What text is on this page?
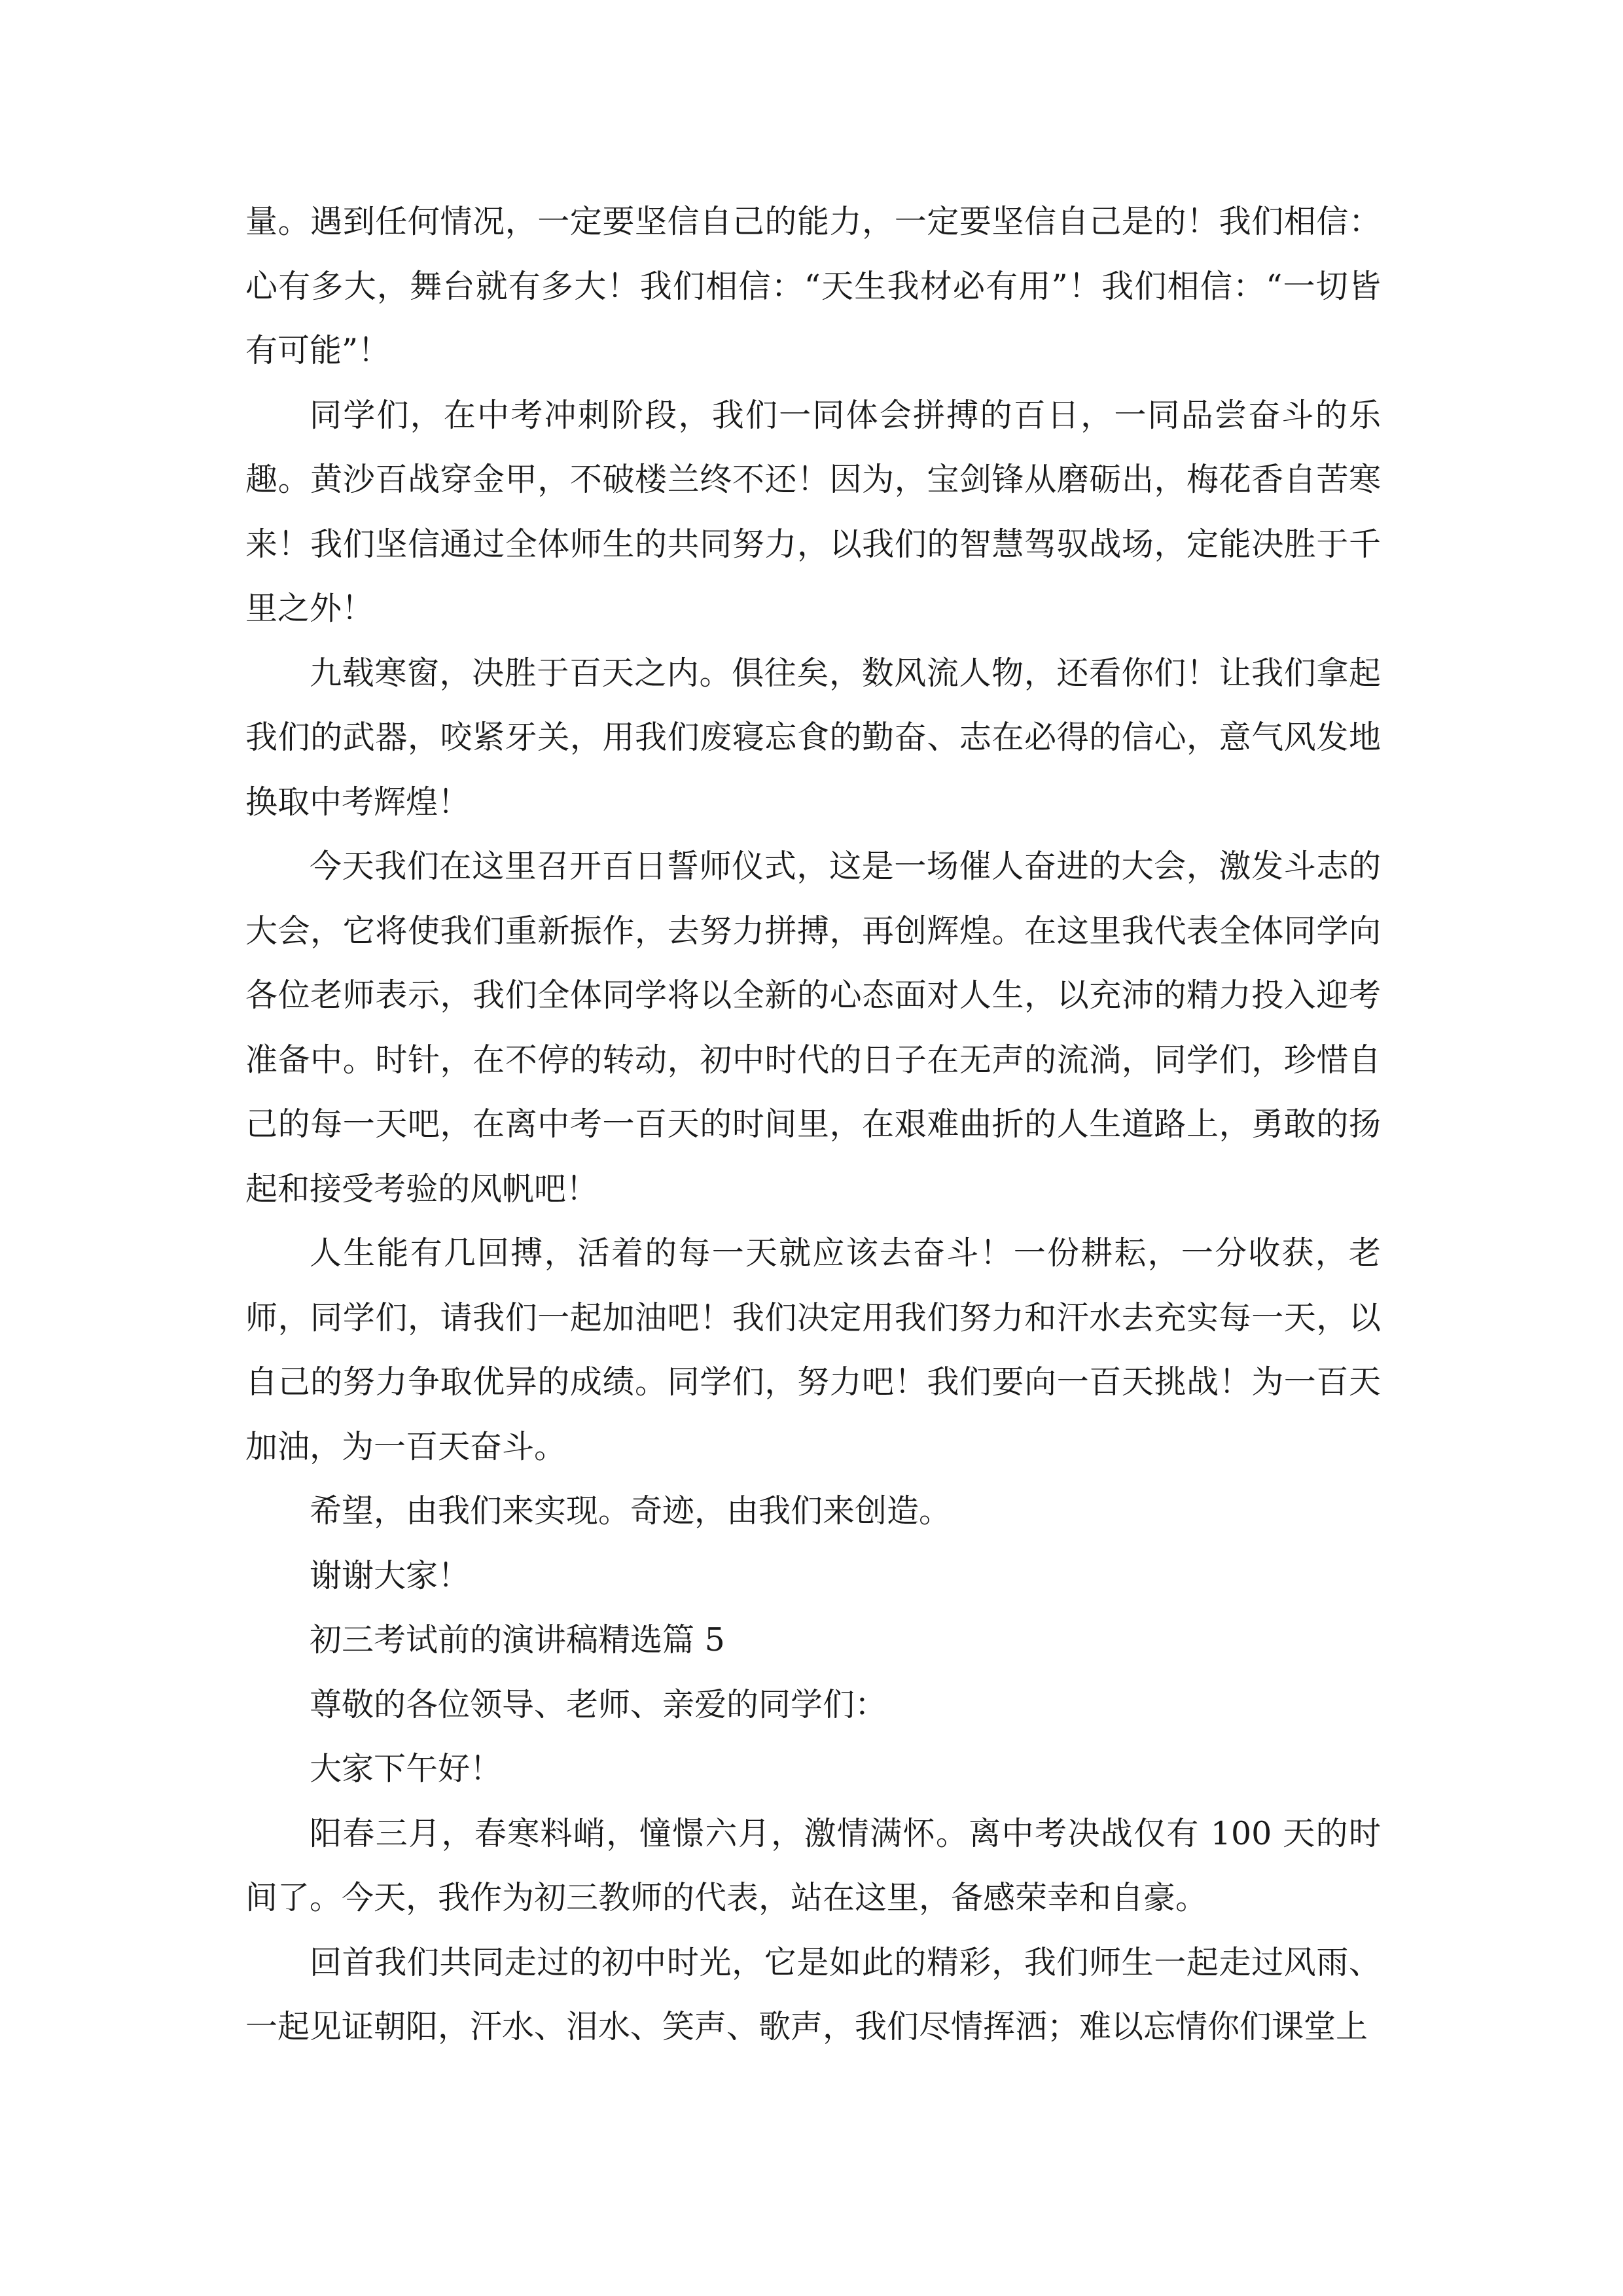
量。遇到任何情况，一定要坚信自己的能力，一定要坚信自己是的！我们相信：心有多大，舞台就有多大！我们相信：“天生我材必有用”！我们相信：“一切皆有可能”！

同学们，在中考冲刺阶段，我们一同体会拼搏的百日，一同品尝奋斗的乐趣。黄沙百战穿金甲，不破楼兰终不还！因为，宝剑锋从磨砺出，梅花香自苦寒来！我们坚信通过全体师生的共同努力，以我们的智慧驾驭战场，定能决胜于千里之外！

九载寒窗，决胜于百天之内。俱往矣，数风流人物，还看你们！让我们拿起我们的武器，咬紧牙关，用我们废寝忘食的勤奋、志在必得的信心，意气风发地换取中考辉煌！

今天我们在这里召开百日誓师仪式，这是一场催人奋进的大会，激发斗志的大会，它将使我们重新振作，去努力拼搏，再创辉煌。在这里我代表全体同学向各位老师表示，我们全体同学将以全新的心态面对人生，以充沛的精力投入迎考准备中。时针，在不停的转动，初中时代的日子在无声的流淌，同学们，珍惜自己的每一天吧，在离中考一百天的时间里，在艰难曲折的人生道路上，勇敢的扬起和接受考验的风帆吧！

人生能有几回搏，活着的每一天就应该去奋斗！一份耕耘，一分收获，老师，同学们，请我们一起加油吧！我们决定用我们努力和汗水去充实每一天，以自己的努力争取优异的成绩。同学们，努力吧！我们要向一百天挑战！为一百天加油，为一百天奋斗。

希望，由我们来实现。奇迹，由我们来创造。

谢谢大家！

初三考试前的演讲稿精选篇 5

尊敬的各位领导、老师、亲爱的同学们：

大家下午好！

阳春三月，春寒料峭，憧憬六月，激情满怀。离中考决战仅有 100 天的时间了。今天，我作为初三教师的代表，站在这里，备感荣幸和自豪。

回首我们共同走过的初中时光，它是如此的精彩，我们师生一起走过风雨、一起见证朝阳，汗水、泪水、笑声、歌声，我们尽情挥洒；难以忘情你们课堂上
